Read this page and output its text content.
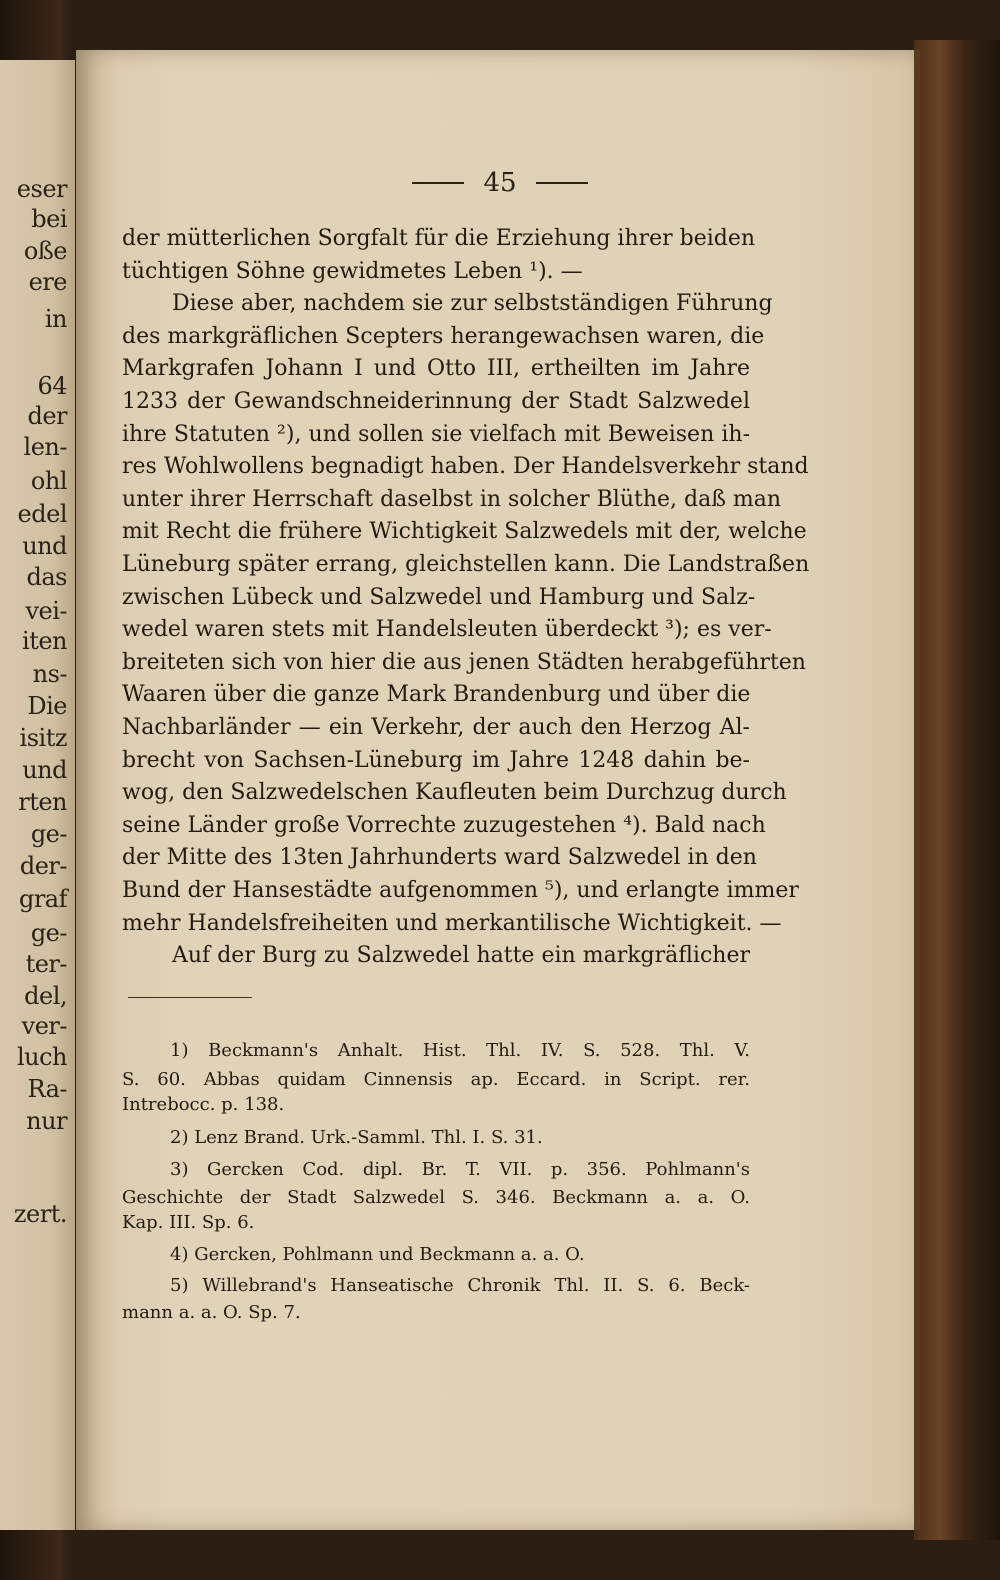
eser
bei
oße
ere
in
64
der
len-
ohl
edel
und
das
vei-
iten
ns-
Die
isitz
und
rten
ge-
der-
graf
ge-
ter-
del,
ver-
luch
Ra-
nur
zert.
45
der mütterlichen Sorgfalt für die Erziehung ihrer beiden
tüchtigen Söhne gewidmetes Leben ¹). —
Diese aber, nachdem sie zur selbstständigen Führung
des markgräflichen Scepters herangewachsen waren, die
Markgrafen Johann I und Otto III, ertheilten im Jahre
1233 der Gewandschneiderinnung der Stadt Salzwedel
ihre Statuten ²), und sollen sie vielfach mit Beweisen ih-
res Wohlwollens begnadigt haben. Der Handelsverkehr stand
unter ihrer Herrschaft daselbst in solcher Blüthe, daß man
mit Recht die frühere Wichtigkeit Salzwedels mit der, welche
Lüneburg später errang, gleichstellen kann. Die Landstraßen
zwischen Lübeck und Salzwedel und Hamburg und Salz-
wedel waren stets mit Handelsleuten überdeckt ³); es ver-
breiteten sich von hier die aus jenen Städten herabgeführten
Waaren über die ganze Mark Brandenburg und über die
Nachbarländer — ein Verkehr, der auch den Herzog Al-
brecht von Sachsen-Lüneburg im Jahre 1248 dahin be-
wog, den Salzwedelschen Kaufleuten beim Durchzug durch
seine Länder große Vorrechte zuzugestehen ⁴). Bald nach
der Mitte des 13ten Jahrhunderts ward Salzwedel in den
Bund der Hansestädte aufgenommen ⁵), und erlangte immer
mehr Handelsfreiheiten und merkantilische Wichtigkeit. —
Auf der Burg zu Salzwedel hatte ein markgräflicher
1) Beckmann's Anhalt. Hist. Thl. IV. S. 528. Thl. V.
S. 60. Abbas quidam Cinnensis ap. Eccard. in Script. rer.
Intrebocc. p. 138.
2) Lenz Brand. Urk.-Samml. Thl. I. S. 31.
3) Gercken Cod. dipl. Br. T. VII. p. 356. Pohlmann's
Geschichte der Stadt Salzwedel S. 346. Beckmann a. a. O.
Kap. III. Sp. 6.
4) Gercken, Pohlmann und Beckmann a. a. O.
5) Willebrand's Hanseatische Chronik Thl. II. S. 6. Beck-
mann a. a. O. Sp. 7.
